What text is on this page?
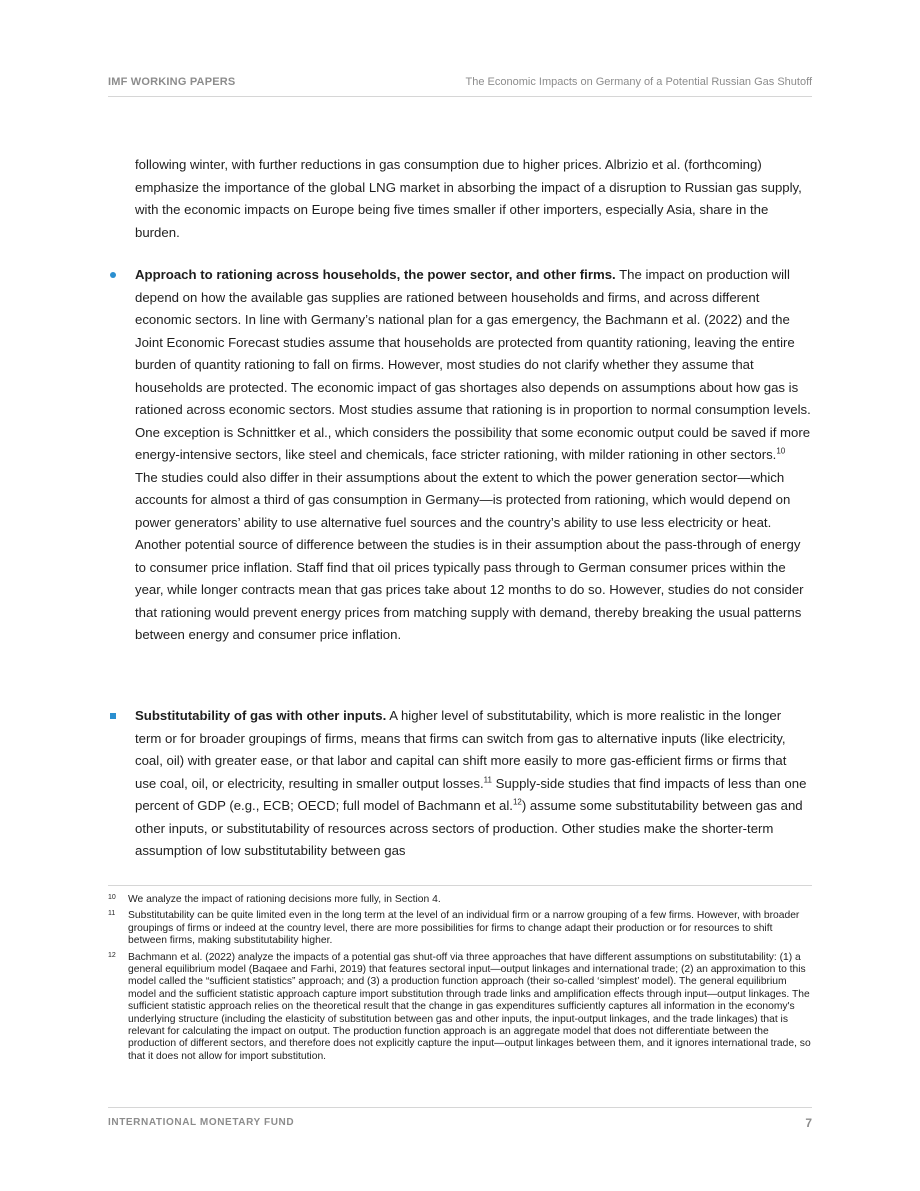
IMF WORKING PAPERS	The Economic Impacts on Germany of a Potential Russian Gas Shutoff
following winter, with further reductions in gas consumption due to higher prices. Albrizio et al. (forthcoming) emphasize the importance of the global LNG market in absorbing the impact of a disruption to Russian gas supply, with the economic impacts on Europe being five times smaller if other importers, especially Asia, share in the burden.
Approach to rationing across households, the power sector, and other firms. The impact on production will depend on how the available gas supplies are rationed between households and firms, and across different economic sectors. In line with Germany’s national plan for a gas emergency, the Bachmann et al. (2022) and the Joint Economic Forecast studies assume that households are protected from quantity rationing, leaving the entire burden of quantity rationing to fall on firms. However, most studies do not clarify whether they assume that households are protected. The economic impact of gas shortages also depends on assumptions about how gas is rationed across economic sectors. Most studies assume that rationing is in proportion to normal consumption levels. One exception is Schnittker et al., which considers the possibility that some economic output could be saved if more energy-intensive sectors, like steel and chemicals, face stricter rationing, with milder rationing in other sectors.$^{10}$ The studies could also differ in their assumptions about the extent to which the power generation sector—which accounts for almost a third of gas consumption in Germany—is protected from rationing, which would depend on power generators’ ability to use alternative fuel sources and the country’s ability to use less electricity or heat. Another potential source of difference between the studies is in their assumption about the pass-through of energy to consumer price inflation. Staff find that oil prices typically pass through to German consumer prices within the year, while longer contracts mean that gas prices take about 12 months to do so. However, studies do not consider that rationing would prevent energy prices from matching supply with demand, thereby breaking the usual patterns between energy and consumer price inflation.
Substitutability of gas with other inputs. A higher level of substitutability, which is more realistic in the longer term or for broader groupings of firms, means that firms can switch from gas to alternative inputs (like electricity, coal, oil) with greater ease, or that labor and capital can shift more easily to more gas-efficient firms or firms that use coal, oil, or electricity, resulting in smaller output losses.$^{11}$ Supply-side studies that find impacts of less than one percent of GDP (e.g., ECB; OECD; full model of Bachmann et al.$^{12}$) assume some substitutability between gas and other inputs, or substitutability of resources across sectors of production. Other studies make the shorter-term assumption of low substitutability between gas
10 We analyze the impact of rationing decisions more fully, in Section 4.
11 Substitutability can be quite limited even in the long term at the level of an individual firm or a narrow grouping of a few firms. However, with broader groupings of firms or indeed at the country level, there are more possibilities for firms to change adapt their production or for resources to shift between firms, making substitutability higher.
12 Bachmann et al. (2022) analyze the impacts of a potential gas shut-off via three approaches that have different assumptions on substitutability: (1) a general equilibrium model (Baqaee and Farhi, 2019) that features sectoral input—output linkages and international trade; (2) an approximation to this model called the “sufficient statistics” approach; and (3) a production function approach (their so-called ‘simplest’ model). The general equilibrium model and the sufficient statistic approach capture import substitution through trade links and amplification effects through input—output linkages. The sufficient statistic approach relies on the theoretical result that the change in gas expenditures sufficiently captures all information in the economy's underlying structure (including the elasticity of substitution between gas and other inputs, the input-output linkages, and the trade linkages) that is relevant for calculating the impact on output. The production function approach is an aggregate model that does not differentiate between the production of different sectors, and therefore does not explicitly capture the input—output linkages between them, and it ignores international trade, so that it does not allow for import substitution.
INTERNATIONAL MONETARY FUND	7
